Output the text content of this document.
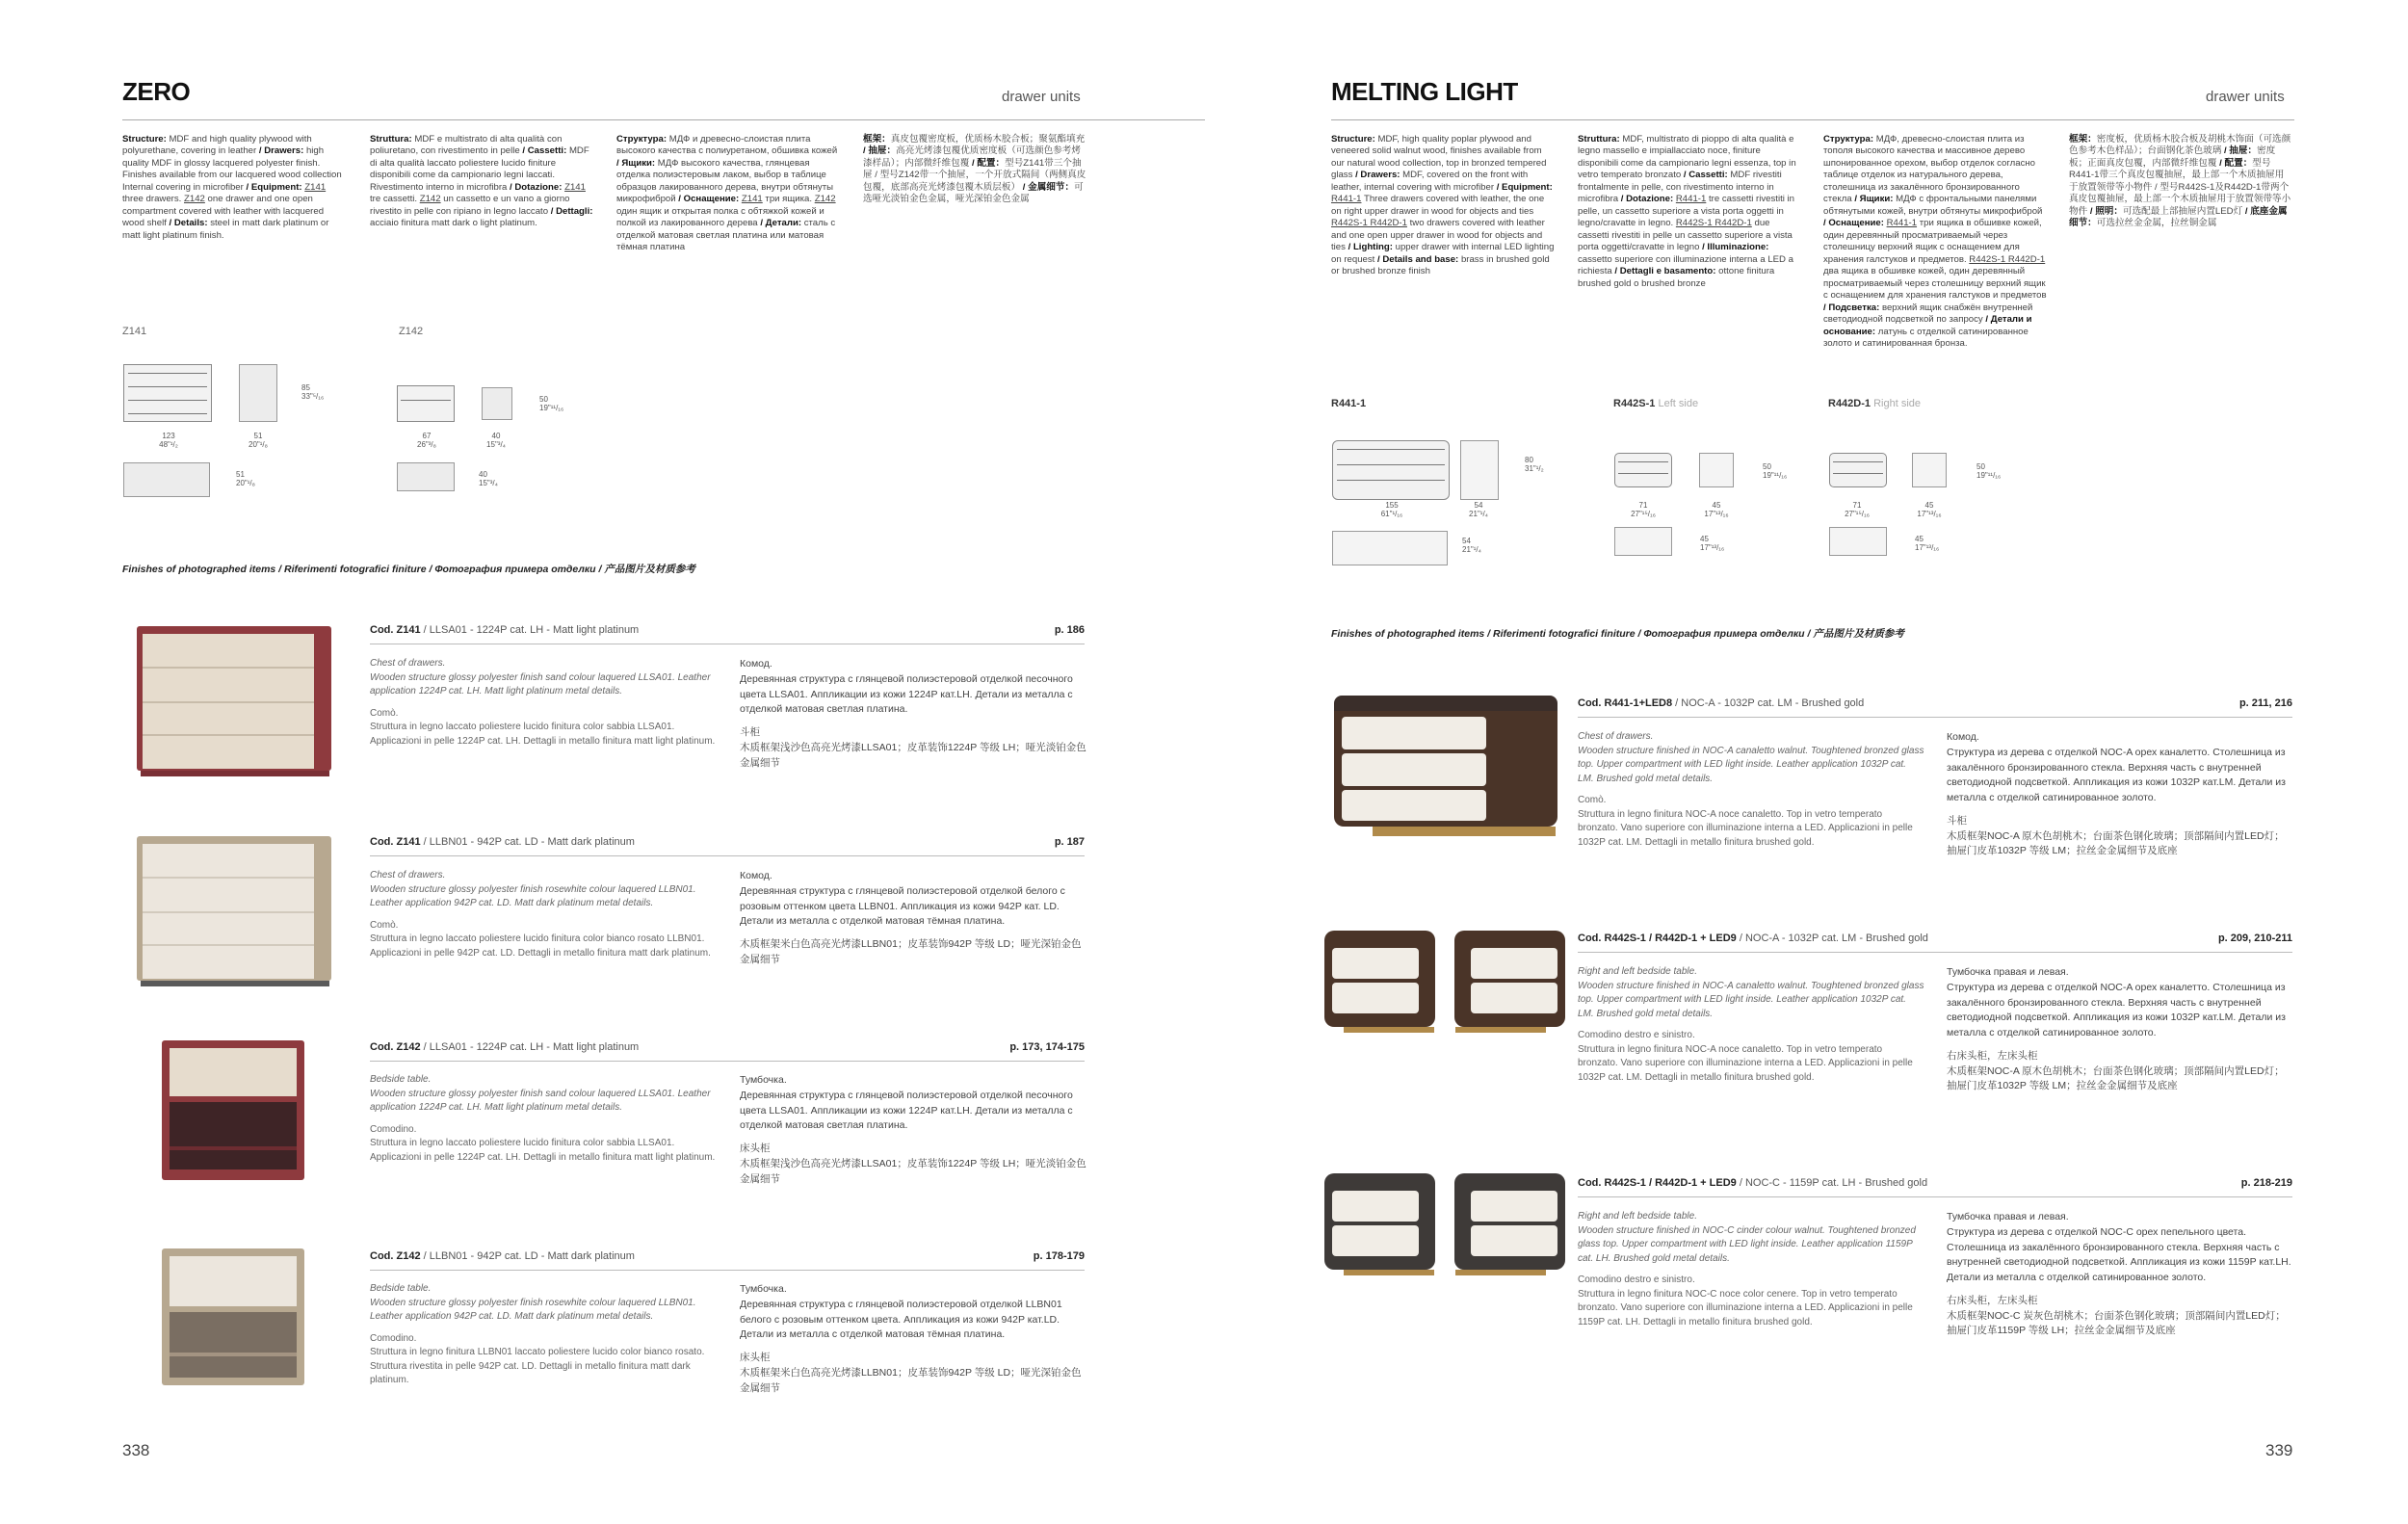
ZERO	drawer units
Structure: MDF and high quality plywood with polyurethane, covering in leather / Drawers: high quality MDF in glossy lacquered polyester finish. Finishes available from our lacquered wood collection Internal covering in microfiber / Equipment: Z141 three drawers. Z142 one drawer and one open compartment covered with leather with lacquered wood shelf / Details: steel in matt dark platinum or matt light platinum finish.
Struttura: MDF e multistrato di alta qualità con poliuretano, con rivestimento in pelle / Cassetti: MDF di alta qualità laccato poliestere lucido finiture disponibili come da campionario legni laccati. Rivestimento interno in microfibra / Dotazione: Z141 tre cassetti. Z142 un cassetto e un vano a giorno rivestito in pelle con ripiano in legno laccato / Dettagli: acciaio finitura matt dark o light platinum.
Структура: МДФ и древесно-слоистая плита высокого качества с полиуретаном, обшивка кожей / Ящики: МДФ высокого качества, глянцевая отделка полиэстеровым лаком, выбор в таблице образцов лакированного дерева, внутри обтянуты микрофиброй / Оснащение: Z141 три ящика. Z142 один ящик и открытая полка с обтяжкой кожей и полкой из лакированного дерева / Детали: сталь с отделкой матовая светлая платина или матовая тёмная платина
框架：真皮包覆密度板，优质杨木胶合板；聚氨酯填充 / 抽屉：高亮光烤漆包覆优质密度板（可选颜色参考烤漆样品）；内部微纤维包覆 / 配置：型号Z141带三个抽屉 / 型号Z142带一个抽屉，一个开放式隔间（两侧真皮包覆，底部高亮光烤漆包覆木质层板） / 金属细节：可选哑光淡铂金色金属，哑光深铂金色金属
Z141
85
33"⁵/₁₆
123
48"¹/₂
51
20"¹/₈
51
20"¹/₈
Z142
50
19"¹¹/₁₆
67
26"³/₈
40
15"³/₄
40
15"³/₄
Finishes of photographed items / Riferimenti fotografici finiture / Фотография примера отделки / 产品图片及材质参考
Cod. Z141 / LLSA01 - 1224P cat. LH - Matt light platinum	p. 186
Chest of drawers.
Wooden structure glossy polyester finish sand colour laquered LLSA01. Leather application 1224P cat. LH. Matt light platinum metal details.
Comò.
Struttura in legno laccato poliestere lucido finitura color sabbia LLSA01. Applicazioni in pelle 1224P cat. LH. Dettagli in metallo finitura matt light platinum.
Комод.
Деревянная структура с глянцевой полиэстеровой отделкой песочного цвета LLSA01. Аппликации из кожи 1224P кат.LH. Детали из металла с отделкой матовая светлая платина.
斗柜
木质框架浅沙色高亮光烤漆LLSA01；皮革装饰1224P 等级 LH；哑光淡铂金色金属细节
Cod. Z141 / LLBN01 - 942P cat. LD - Matt dark platinum	p. 187
Chest of drawers.
Wooden structure glossy polyester finish rosewhite colour laquered LLBN01. Leather application 942P cat. LD. Matt dark platinum metal details.
Comò.
Struttura in legno laccato poliestere lucido finitura color bianco rosato LLBN01. Applicazioni in pelle 942P cat. LD. Dettagli in metallo finitura matt dark platinum.
Комод.
Деревянная структура с глянцевой полиэстеровой отделкой белого с розовым оттенком цвета LLBN01. Аппликация из кожи 942P кат. LD. Детали из металла с отделкой матовая тёмная платина.
木质框架米白色高亮光烤漆LLBN01；皮革装饰942P 等级 LD；哑光深铂金色金属细节
Cod. Z142 / LLSA01 - 1224P cat. LH - Matt light platinum	p. 173, 174-175
Bedside table.
Wooden structure glossy polyester finish sand colour laquered LLSA01. Leather application 1224P cat. LH. Matt light platinum metal details.
Comodino.
Struttura in legno laccato poliestere lucido finitura color sabbia LLSA01. Applicazioni in pelle 1224P cat. LH. Dettagli in metallo finitura matt light platinum.
Тумбочка.
Деревянная структура с глянцевой полиэстеровой отделкой песочного цвета LLSA01. Аппликации из кожи 1224P кат.LH. Детали из металла с отделкой матовая светлая платина.
床头柜
木质框架浅沙色高亮光烤漆LLSA01；皮革装饰1224P 等级 LH；哑光淡铂金色金属细节
Cod. Z142 / LLBN01 - 942P cat. LD - Matt dark platinum	p. 178-179
Bedside table.
Wooden structure glossy polyester finish rosewhite colour laquered LLBN01. Leather application 942P cat. LD. Matt dark platinum metal details.
Comodino.
Struttura in legno finitura LLBN01 laccato poliestere lucido color bianco rosato. Struttura rivestita in pelle 942P cat. LD. Dettagli in metallo finitura matt dark platinum.
Тумбочка.
Деревянная структура с глянцевой полиэстеровой отделкой LLBN01 белого с розовым оттенком цвета. Аппликация из кожи 942P кат.LD. Детали из металла с отделкой матовая тёмная платина.
床头柜
木质框架米白色高亮光烤漆LLBN01；皮革装饰942P 等级 LD；哑光深铂金色金属细节
338
MELTING LIGHT	drawer units
Structure: MDF, high quality poplar plywood and veneered solid walnut wood, finishes available from our natural wood collection, top in bronzed tempered glass / Drawers: MDF, covered on the front with leather, internal covering with microfiber / Equipment: R441-1 Three drawers covered with leather, the one on right upper drawer in wood for objects and ties R442S-1 R442D-1 two drawers covered with leather and one open upper drawer in wood for objects and ties / Lighting: upper drawer with internal LED lighting on request / Details and base: brass in brushed gold or brushed bronze finish
Struttura: MDF, multistrato di pioppo di alta qualità e legno massello e impiallacciato noce, finiture disponibili come da campionario legni essenza, top in vetro temperato bronzato / Cassetti: MDF rivestiti frontalmente in pelle, con rivestimento interno in microfibra / Dotazione: R441-1 tre cassetti rivestiti in pelle, un cassetto superiore a vista porta oggetti in legno/cravatte in legno. R442S-1 R442D-1 due cassetti rivestiti in pelle un cassetto superiore a vista porta oggetti/cravatte in legno / Illuminazione: cassetto superiore con illuminazione interna a LED a richiesta / Dettagli e basamento: ottone finitura brushed gold o brushed bronze
Структура: МДФ, древесно-слоистая плита из тополя высокого качества и массивное дерево шпонированное орехом, выбор отделок согласно таблице отделок из натурального дерева, столешница из закалённого бронзированного стекла / Ящики: МДФ с фронтальными панелями обтянутыми кожей, внутри обтянуты микрофиброй / Оснащение: R441-1 три ящика в обшивке кожей, один деревянный просматриваемый через столешницу верхний ящик с оснащением для хранения галстуков и предметов. R442S-1 R442D-1 два ящика в обшивке кожей, один деревянный просматриваемый через столешницу верхний ящик с оснащением для хранения галстуков и предметов / Подсветка: верхний ящик снабжён внутренней светодиодной подсветкой по запросу / Детали и основание: латунь с отделкой сатинированное золото и сатинированная бронза.
框架：密度板，优质杨木胶合板及胡桃木饰面（可选颜色参考木色样品）；台面钢化茶色玻璃 / 抽屉：密度板；正面真皮包覆，内部微纤维包覆 / 配置：型号R441-1带三个真皮包覆抽屉，最上部一个木质抽屉用于放置领带等小物件 / 型号R442S-1及R442D-1带两个真皮包覆抽屉，最上部一个木质抽屉用于放置领带等小物件 / 照明：可选配最上部抽屉内置LED灯 / 底座金属细节：可选拉丝金金属，拉丝铜金属
R441-1
80
31"¹/₂
155
61"¹/₁₆
54
21"¹/₄
54
21"¹/₄
R442S-1 Left side
50
19"¹¹/₁₆
71
27"¹⁵/₁₆
45
17"¹³/₁₆
45
17"¹³/₁₆
R442D-1 Right side
50
19"¹¹/₁₆
71
27"¹⁵/₁₆
45
17"¹³/₁₆
45
17"¹³/₁₆
Finishes of photographed items / Riferimenti fotografici finiture / Фотография примера отделки / 产品图片及材质参考
Cod. R441-1+LED8 / NOC-A - 1032P cat. LM - Brushed gold	p. 211, 216
Chest of drawers.
Wooden structure finished in NOC-A canaletto walnut. Toughtened bronzed glass top. Upper compartment with LED light inside. Leather application 1032P cat. LM. Brushed gold metal details.
Comò.
Struttura in legno finitura NOC-A noce canaletto. Top in vetro temperato bronzato. Vano superiore con illuminazione interna a LED. Applicazioni in pelle 1032P cat. LM. Dettagli in metallo finitura brushed gold.
Комод.
Структура из дерева с отделкой NOC-A орех каналетто. Столешница из закалённого бронзированного стекла. Верхняя часть с внутренней светодиодной подсветкой. Аппликация из кожи 1032P кат.LM. Детали из металла с отделкой сатинированное золото.
斗柜
木质框架NOC-A 原木色胡桃木；台面茶色钢化玻璃；顶部隔间内置LED灯；抽屉门皮革1032P 等级 LM；拉丝金金属细节及底座
Cod. R442S-1 / R442D-1 + LED9 / NOC-A - 1032P cat. LM - Brushed gold	p. 209, 210-211
Right and left bedside table.
Wooden structure finished in NOC-A canaletto walnut. Toughtened bronzed glass top. Upper compartment with LED light inside. Leather application 1032P cat. LM. Brushed gold metal details.
Comodino destro e sinistro.
Struttura in legno finitura NOC-A noce canaletto. Top in vetro temperato bronzato. Vano superiore con illuminazione interna a LED. Applicazioni in pelle 1032P cat. LM. Dettagli in metallo finitura brushed gold.
Тумбочка правая и левая.
Структура из дерева с отделкой NOC-A орех каналетто. Столешница из закалённого бронзированного стекла. Верхняя часть с внутренней светодиодной подсветкой. Аппликация из кожи 1032P кат.LM. Детали из металла с отделкой сатинированное золото.
右床头柜，左床头柜
木质框架NOC-A 原木色胡桃木；台面茶色钢化玻璃；顶部隔间内置LED灯；抽屉门皮革1032P 等级 LM；拉丝金金属细节及底座
Cod. R442S-1 / R442D-1 + LED9 / NOC-C - 1159P cat. LH - Brushed gold	p. 218-219
Right and left bedside table.
Wooden structure finished in NOC-C cinder colour walnut. Toughtened bronzed glass top. Upper compartment with LED light inside. Leather application 1159P cat. LH. Brushed gold metal details.
Comodino destro e sinistro.
Struttura in legno finitura NOC-C noce color cenere. Top in vetro temperato bronzato. Vano superiore con illuminazione interna a LED. Applicazioni in pelle 1159P cat. LH. Dettagli in metallo finitura brushed gold.
Тумбочка правая и левая.
Структура из дерева с отделкой NOC-C орех пепельного цвета. Столешница из закалённого бронзированного стекла. Верхняя часть с внутренней светодиодной подсветкой. Аппликация из кожи 1159P кат.LH. Детали из металла с отделкой сатинированное золото.
右床头柜，左床头柜
木质框架NOC-C 炭灰色胡桃木；台面茶色钢化玻璃；顶部隔间内置LED灯；抽屉门皮革1159P 等级 LH；拉丝金金属细节及底座
339
